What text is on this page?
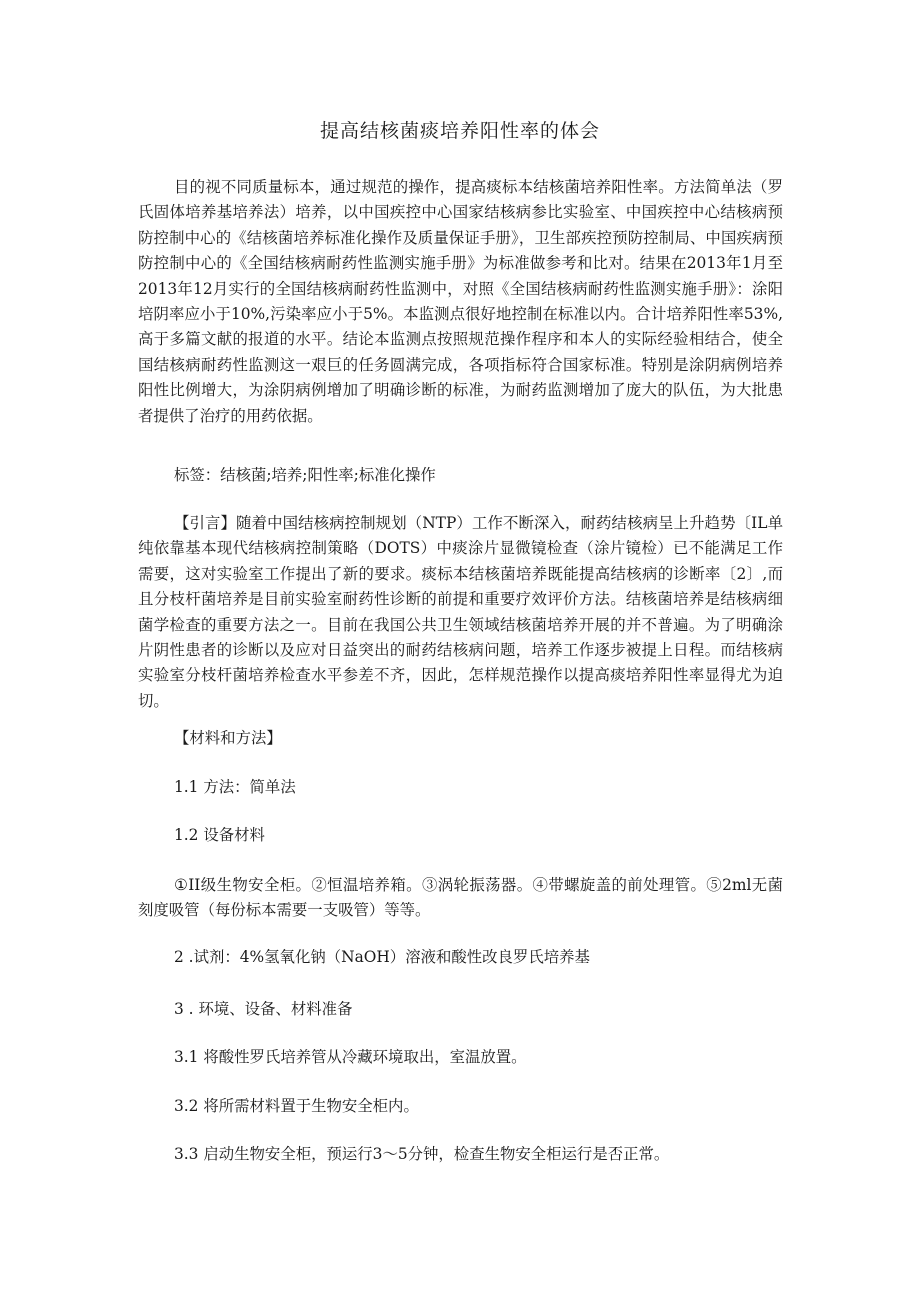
提高结核菌痰培养阳性率的体会

目的视不同质量标本，通过规范的操作，提高痰标本结核菌培养阳性率。方法简单法（罗氏固体培养基培养法）培养，以中国疾控中心国家结核病参比实验室、中国疾控中心结核病预防控制中心的《结核菌培养标准化操作及质量保证手册》，卫生部疾控预防控制局、中国疾病预防控制中心的《全国结核病耐药性监测实施手册》为标准做参考和比对。结果在2013年1月至2013年12月实行的全国结核病耐药性监测中，对照《全国结核病耐药性监测实施手册》：涂阳培阴率应小于10%,污染率应小于5%。本监测点很好地控制在标准以内。合计培养阳性率53%,高于多篇文献的报道的水平。结论本监测点按照规范操作程序和本人的实际经验相结合，使全国结核病耐药性监测这一艰巨的任务圆满完成，各项指标符合国家标准。特别是涂阴病例培养阳性比例增大，为涂阴病例增加了明确诊断的标准，为耐药监测增加了庞大的队伍，为大批患者提供了治疗的用药依据。

标签：结核菌;培养;阳性率;标准化操作

【引言】随着中国结核病控制规划（NTP）工作不断深入，耐药结核病呈上升趋势〔IL单纯依靠基本现代结核病控制策略（DOTS）中痰涂片显微镜检查（涂片镜检）已不能满足工作需要，这对实验室工作提出了新的要求。痰标本结核菌培养既能提高结核病的诊断率〔2〕,而且分枝杆菌培养是目前实验室耐药性诊断的前提和重要疗效评价方法。结核菌培养是结核病细菌学检查的重要方法之一。目前在我国公共卫生领域结核菌培养开展的并不普遍。为了明确涂片阴性患者的诊断以及应对日益突出的耐药结核病问题，培养工作逐步被提上日程。而结核病实验室分枝杆菌培养检查水平参差不齐，因此，怎样规范操作以提高痰培养阳性率显得尤为迫切。

【材料和方法】

1.1 方法：简单法

1.2 设备材料

①II级生物安全柜。②恒温培养箱。③涡轮振荡器。④带螺旋盖的前处理管。⑤2ml无菌刻度吸管（每份标本需要一支吸管）等等。

2 .试剂：4%氢氧化钠（NaOH）溶液和酸性改良罗氏培养基

3 . 环境、设备、材料准备

3.1 将酸性罗氏培养管从冷藏环境取出，室温放置。

3.2 将所需材料置于生物安全柜内。

3.3 启动生物安全柜，预运行3～5分钟，检查生物安全柜运行是否正常。
